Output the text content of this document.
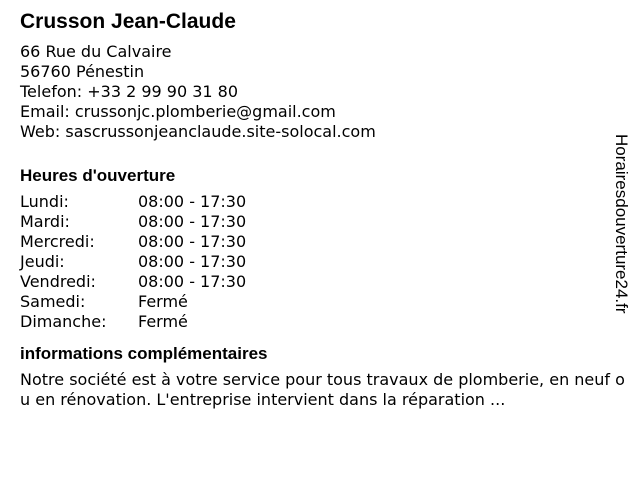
Crusson Jean-Claude
66 Rue du Calvaire
56760 Pénestin
Telefon: +33 2 99 90 31 80
Email: crussonjc.plomberie@gmail.com
Web: sascrussonjeanclaude.site-solocal.com
Heures d'ouverture
Lundi:	08:00 - 17:30
Mardi:	08:00 - 17:30
Mercredi:	08:00 - 17:30
Jeudi:	08:00 - 17:30
Vendredi:	08:00 - 17:30
Samedi:	Fermé
Dimanche:	Fermé
informations complémentaires
Notre société est à votre service pour tous travaux de plomberie, en neuf ou en rénovation. L'entreprise intervient dans la réparation ...
Horairesdouverture24.fr
